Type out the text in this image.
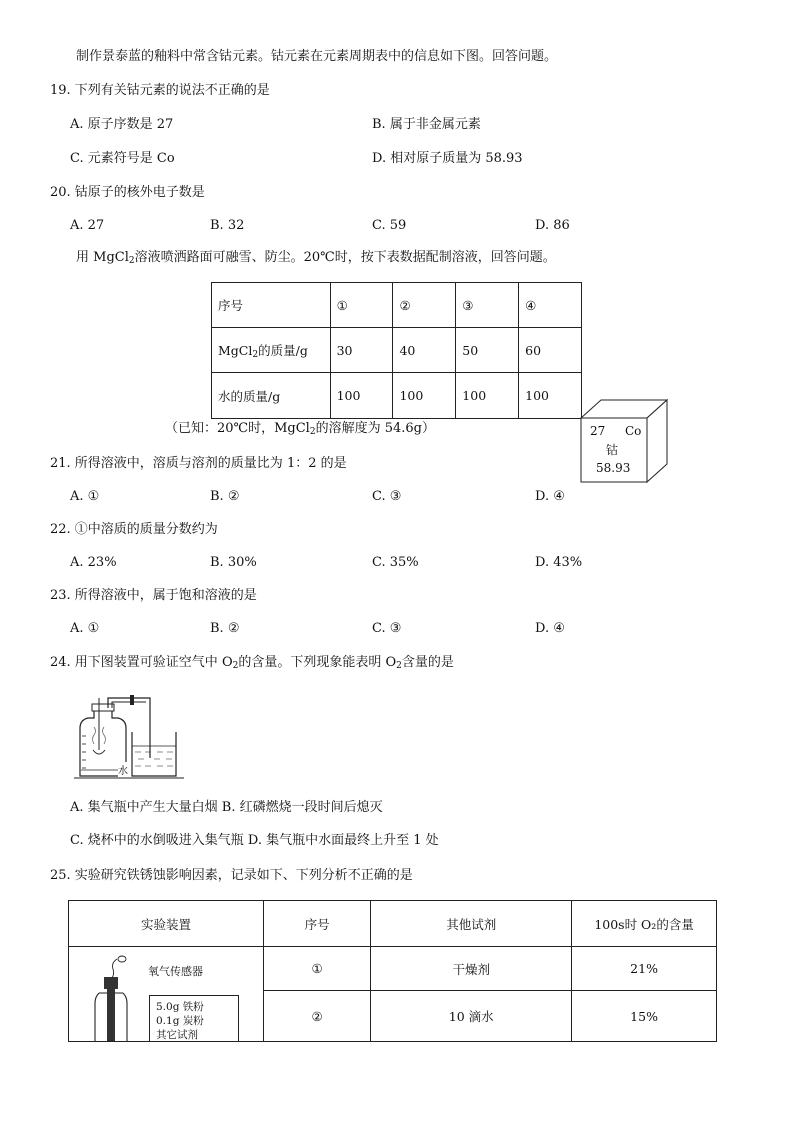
制作景泰蓝的釉料中常含钴元素。钴元素在元素周期表中的信息如下图。回答问题。
19. 下列有关钴元素的说法不正确的是
A. 原子序数是 27	B. 属于非金属元素
C. 元素符号是 Co	D. 相对原子质量为 58.93
20. 钴原子的核外电子数是
A. 27	B. 32	C. 59	D. 86
用 MgCl$_2$溶液喷洒路面可融雪、防尘。20℃时，按下表数据配制溶液，回答问题。
序号	①	②	③	④
MgCl$_2$的质量/g	30	40	50	60
水的质量/g	100	100	100	100
（已知：20℃时，MgCl$_2$的溶解度为 54.6g）	27 Co
钴
58.93
21. 所得溶液中，溶质与溶剂的质量比为 1：2 的是
A. ①	B. ②	C. ③	D. ④
22. ①中溶质的质量分数约为
A. 23%	B. 30%	C. 35%	D. 43%
23. 所得溶液中，属于饱和溶液的是
A. ①	B. ②	C. ③	D. ④
24. 用下图装置可验证空气中 $O_2$的含量。下列现象能表明 $O_2$含量的是
水
A. 集气瓶中产生大量白烟 B. 红磷燃烧一段时间后熄灭
C. 烧杯中的水倒吸进入集气瓶 D. 集气瓶中水面最终上升至 1 处
25. 实验研究铁锈蚀影响因素，记录如下、下列分析不正确的是
实验装置	序号	其他试剂	100s时 O₂的含量

氧气传感器
5.0g 铁粉
0.1g 炭粉
其它试剂	①	干燥剂	21%
	②	10 滴水	15%
